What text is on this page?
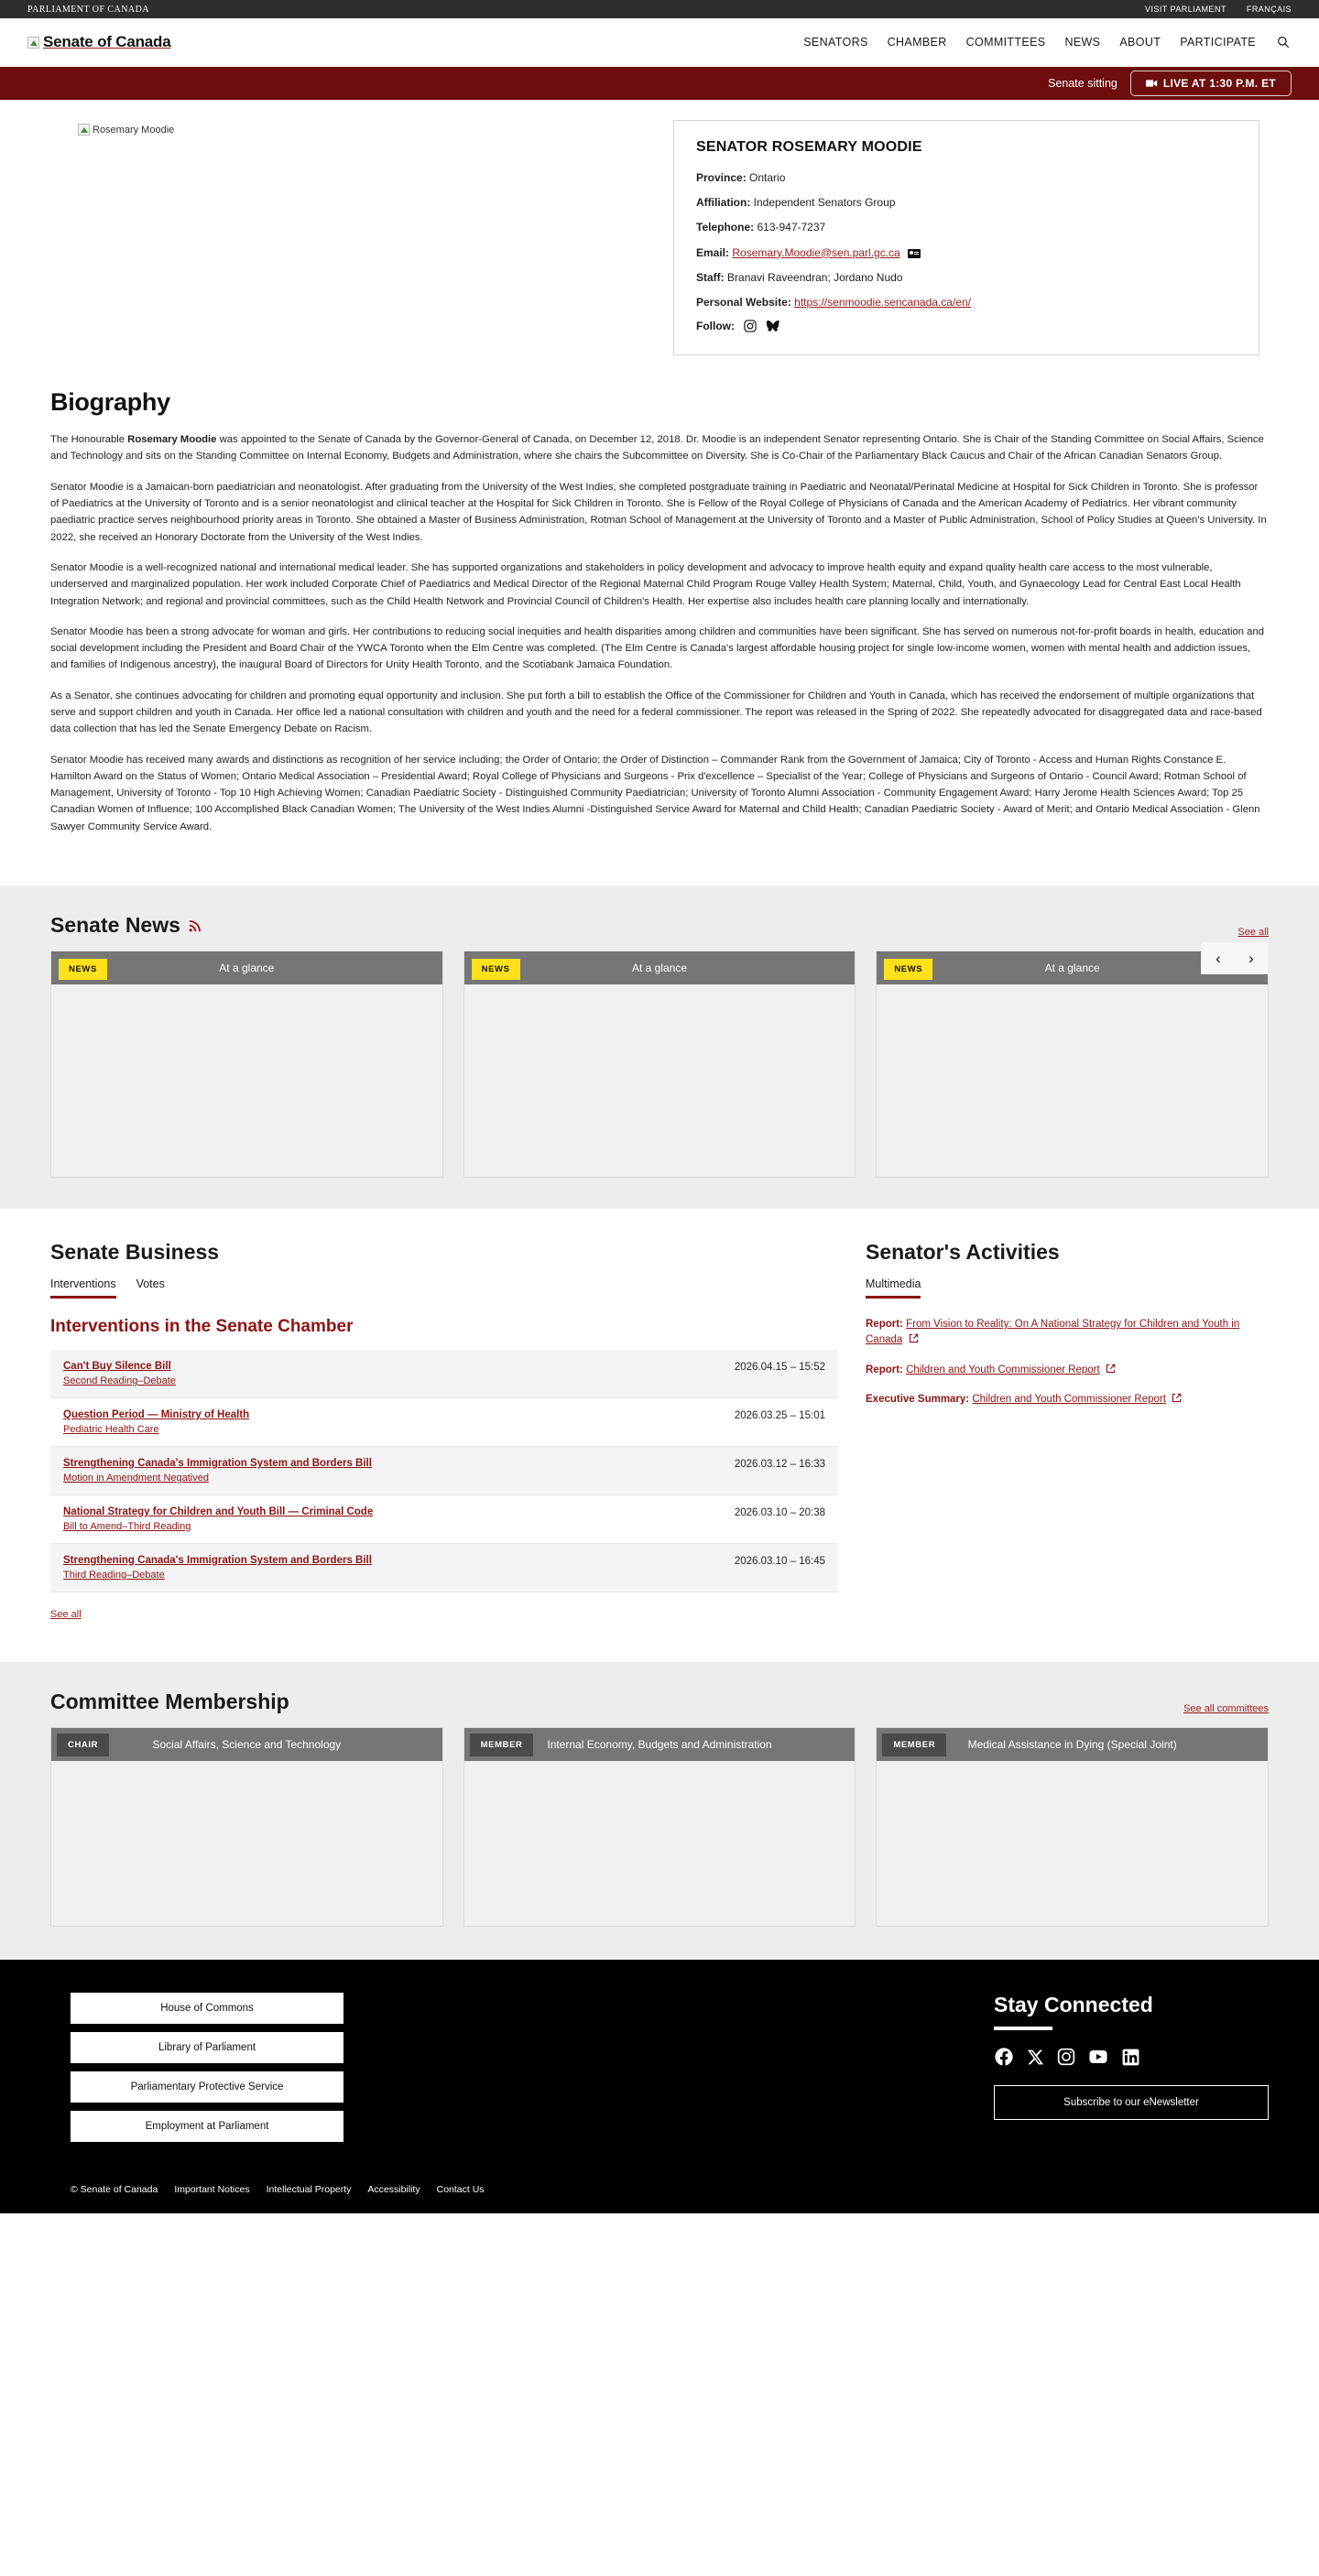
PARLIAMENT OF CANADA	VISIT PARLIAMENT FRANÇAIS
Senate of Canada	SENATORS CHAMBER COMMITTEES NEWS ABOUT PARTICIPATE
Senate sitting	LIVE AT 1:30 P.M. ET
Rosemary Moodie
SENATOR ROSEMARY MOODIE
Province: Ontario
Affiliation: Independent Senators Group
Telephone: 613-947-7237
Email: Rosemary.Moodie@sen.parl.gc.ca
Staff: Branavi Raveendran; Jordano Nudo
Personal Website: https://senmoodie.sencanada.ca/en/
Follow:
Biography

The Honourable Rosemary Moodie was appointed to the Senate of Canada by the Governor-General of Canada, on December 12, 2018. Dr. Moodie is an independent Senator representing Ontario. She is Chair of the Standing Committee on Social Affairs, Science and Technology and sits on the Standing Committee on Internal Economy, Budgets and Administration, where she chairs the Subcommittee on Diversity. She is Co-Chair of the Parliamentary Black Caucus and Chair of the African Canadian Senators Group.

Senator Moodie is a Jamaican-born paediatrician and neonatologist. After graduating from the University of the West Indies, she completed postgraduate training in Paediatric and Neonatal/Perinatal Medicine at Hospital for Sick Children in Toronto. She is professor of Paediatrics at the University of Toronto and is a senior neonatologist and clinical teacher at the Hospital for Sick Children in Toronto. She is Fellow of the Royal College of Physicians of Canada and the American Academy of Pediatrics. Her vibrant community paediatric practice serves neighbourhood priority areas in Toronto. She obtained a Master of Business Administration, Rotman School of Management at the University of Toronto and a Master of Public Administration, School of Policy Studies at Queen's University. In 2022, she received an Honorary Doctorate from the University of the West Indies.

Senator Moodie is a well-recognized national and international medical leader. She has supported organizations and stakeholders in policy development and advocacy to improve health equity and expand quality health care access to the most vulnerable, underserved and marginalized population. Her work included Corporate Chief of Paediatrics and Medical Director of the Regional Maternal Child Program Rouge Valley Health System; Maternal, Child, Youth, and Gynaecology Lead for Central East Local Health Integration Network; and regional and provincial committees, such as the Child Health Network and Provincial Council of Children's Health. Her expertise also includes health care planning locally and internationally.

Senator Moodie has been a strong advocate for woman and girls. Her contributions to reducing social inequities and health disparities among children and communities have been significant. She has served on numerous not-for-profit boards in health, education and social development including the President and Board Chair of the YWCA Toronto when the Elm Centre was completed. (The Elm Centre is Canada's largest affordable housing project for single low-income women, women with mental health and addiction issues, and families of Indigenous ancestry), the inaugural Board of Directors for Unity Health Toronto, and the Scotiabank Jamaica Foundation.

As a Senator, she continues advocating for children and promoting equal opportunity and inclusion. She put forth a bill to establish the Office of the Commissioner for Children and Youth in Canada, which has received the endorsement of multiple organizations that serve and support children and youth in Canada. Her office led a national consultation with children and youth and the need for a federal commissioner. The report was released in the Spring of 2022. She repeatedly advocated for disaggregated data and race-based data collection that has led the Senate Emergency Debate on Racism.

Senator Moodie has received many awards and distinctions as recognition of her service including; the Order of Ontario; the Order of Distinction – Commander Rank from the Government of Jamaica; City of Toronto - Access and Human Rights Constance E. Hamilton Award on the Status of Women; Ontario Medical Association – Presidential Award; Royal College of Physicians and Surgeons - Prix d'excellence – Specialist of the Year; College of Physicians and Surgeons of Ontario - Council Award; Rotman School of Management, University of Toronto - Top 10 High Achieving Women; Canadian Paediatric Society - Distinguished Community Paediatrician; University of Toronto Alumni Association - Community Engagement Award; Harry Jerome Health Sciences Award; Top 25 Canadian Women of Influence; 100 Accomplished Black Canadian Women; The University of the West Indies Alumni -Distinguished Service Award for Maternal and Child Health; Canadian Paediatric Society - Award of Merit; and Ontario Medical Association - Glenn Sawyer Community Service Award.

Senate News	See all
NEWS	At a glance	NEWS	At a glance	NEWS	At a glance
‹	›
Senate Business
Interventions Votes
Interventions in the Senate Chamber
Can't Buy Silence Bill
Second Reading–Debate
2026.04.15 – 15:52
Question Period — Ministry of Health
Pediatric Health Care
2026.03.25 – 15:01
Strengthening Canada's Immigration System and Borders Bill
Motion in Amendment Negatived
2026.03.12 – 16:33
National Strategy for Children and Youth Bill — Criminal Code
Bill to Amend–Third Reading
2026.03.10 – 20:38
Strengthening Canada's Immigration System and Borders Bill
Third Reading–Debate
2026.03.10 – 16:45
See all
Senator's Activities
Multimedia
Report: From Vision to Reality: On A National Strategy for Children and Youth in Canada
Report: Children and Youth Commissioner Report
Executive Summary: Children and Youth Commissioner Report
Committee Membership	See all committees
CHAIR	Social Affairs, Science and Technology	MEMBER	Internal Economy, Budgets and Administration	MEMBER	Medical Assistance in Dying (Special Joint)
House of Commons
Library of Parliament
Parliamentary Protective Service
Employment at Parliament
Stay Connected
Subscribe to our eNewsletter
© Senate of Canada Important Notices Intellectual Property Accessibility Contact Us
